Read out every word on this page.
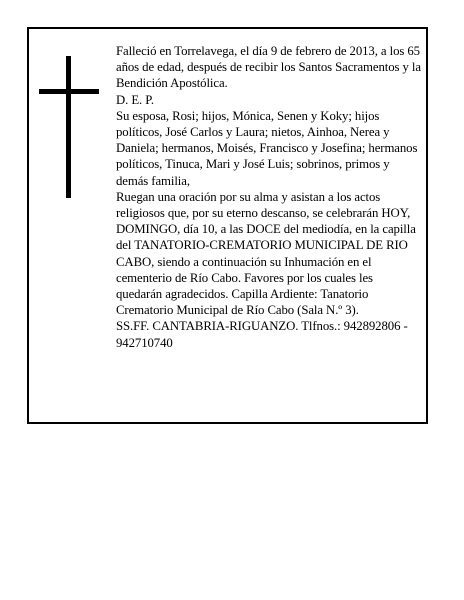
Falleció en Torrelavega, el día 9 de febrero de 2013, a los 65 años de edad, después de recibir los Santos Sacramentos y la Bendición Apostólica.

D. E. P.

Su esposa, Rosi; hijos, Mónica, Senen y Koky; hijos políticos, José Carlos y Laura; nietos, Ainhoa, Nerea y Daniela; hermanos, Moisés, Francisco y Josefina; hermanos políticos, Tinuca, Mari y José Luis; sobrinos, primos y demás familia,

Ruegan una oración por su alma y asistan a los actos religiosos que, por su eterno descanso, se celebrarán HOY, DOMINGO, día 10, a las DOCE del mediodía, en la capilla del TANATORIO-CREMATORIO MUNICIPAL DE RIO CABO, siendo a continuación su Inhumación en el cementerio de Río Cabo. Favores por los cuales les quedarán agradecidos. Capilla Ardiente: Tanatorio Crematorio Municipal de Río Cabo (Sala N.º 3).

SS.FF. CANTABRIA-RIGUANZO. Tlfnos.: 942892806 - 942710740
